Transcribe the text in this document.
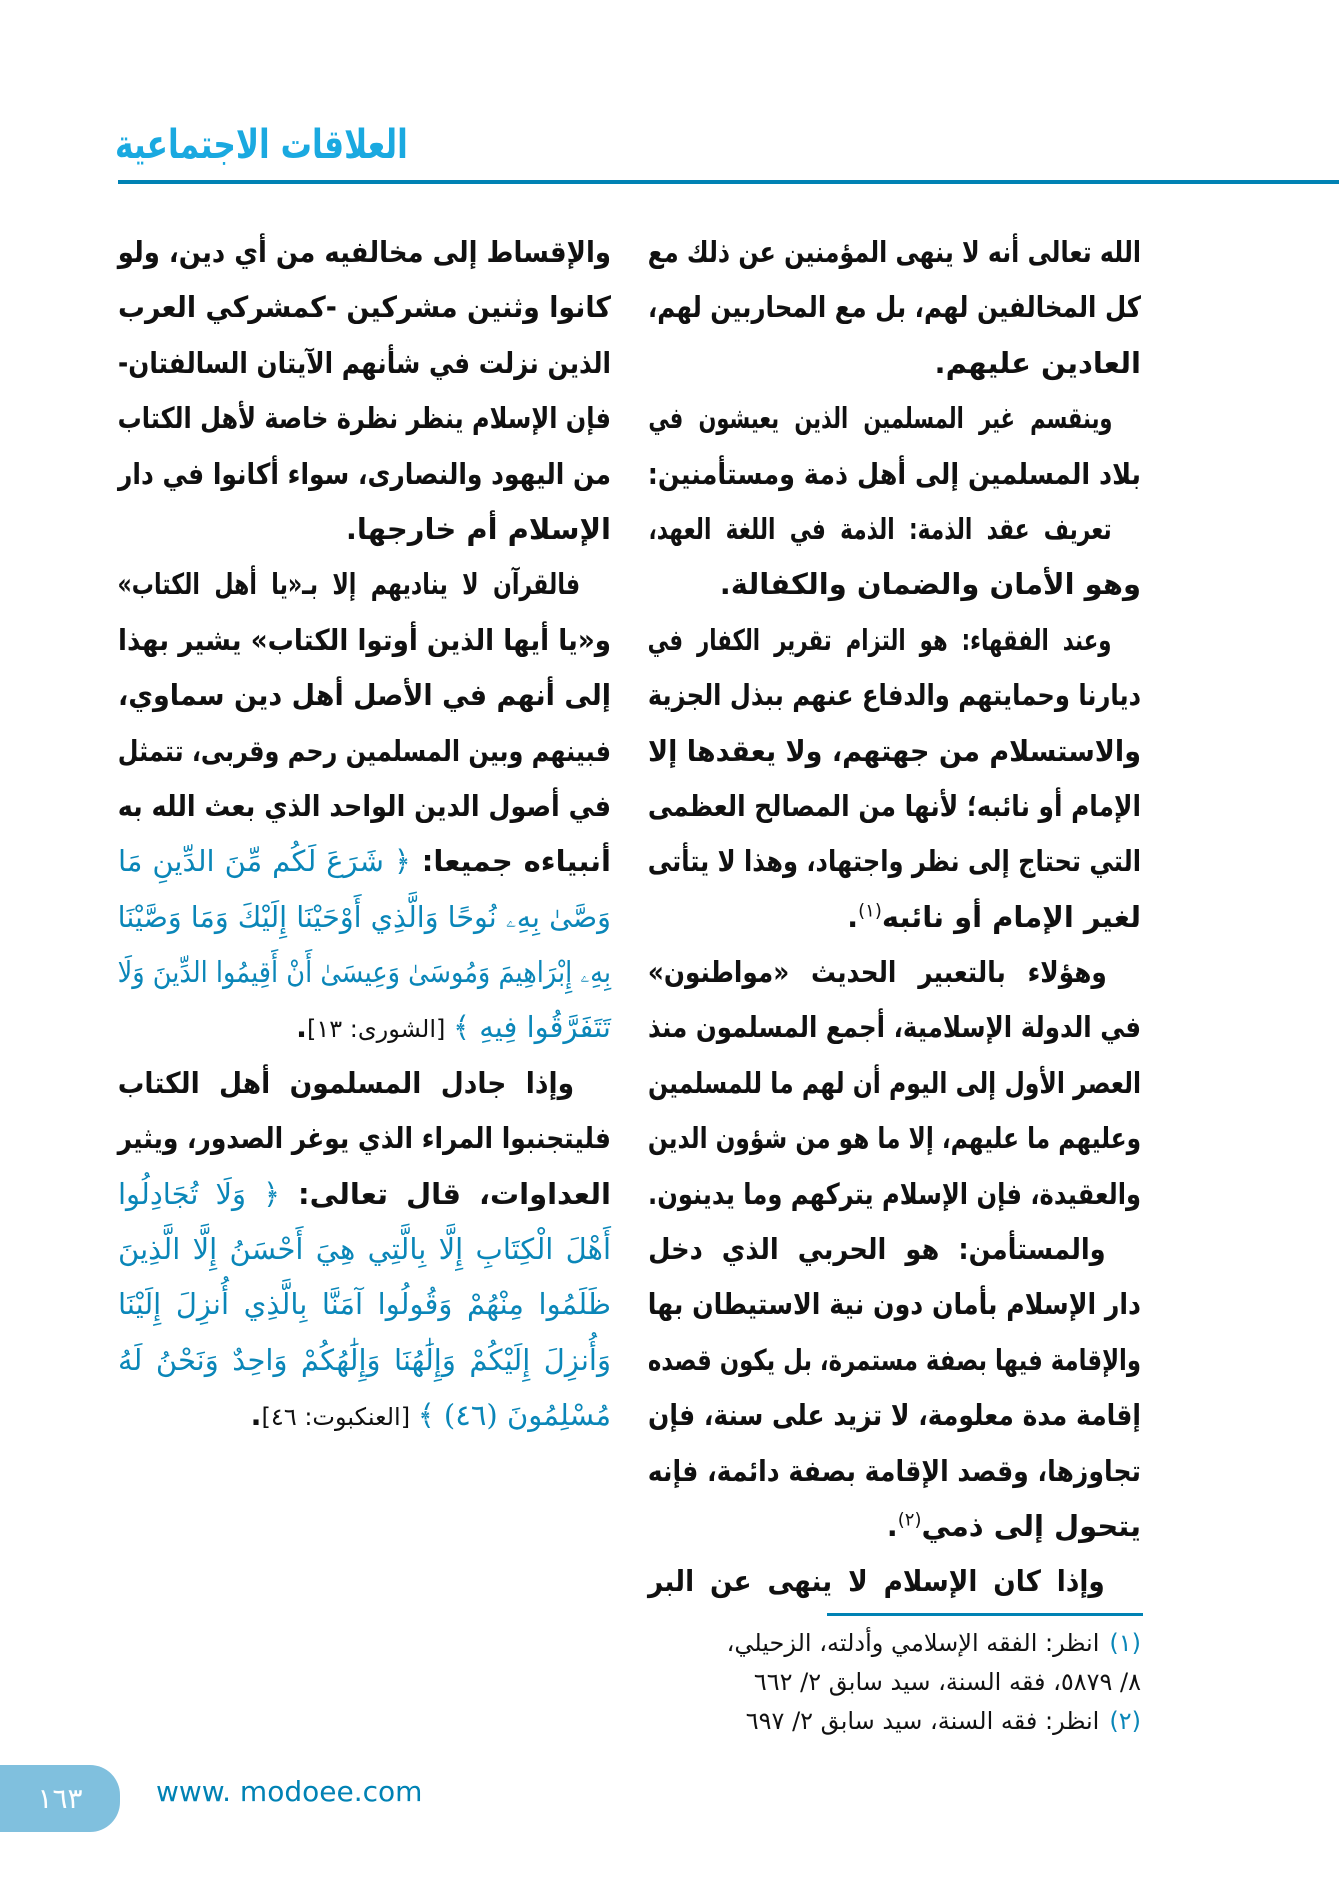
العلاقات الاجتماعية
الله تعالى أنه لا ينهى المؤمنين عن ذلك مع
كل المخالفين لهم، بل مع المحاربين لهم،
العادين عليهم.
وينقسم غير المسلمين الذين يعيشون في
بلاد المسلمين إلى أهل ذمة ومستأمنين:
تعريف عقد الذمة: الذمة في اللغة العهد،
وهو الأمان والضمان والكفالة.
وعند الفقهاء: هو التزام تقرير الكفار في
ديارنا وحمايتهم والدفاع عنهم ببذل الجزية
والاستسلام من جهتهم، ولا يعقدها إلا
الإمام أو نائبه؛ لأنها من المصالح العظمى
التي تحتاج إلى نظر واجتهاد، وهذا لا يتأتى
لغير الإمام أو نائبه$^{(١)}$.
وهؤلاء بالتعبير الحديث «مواطنون»
في الدولة الإسلامية، أجمع المسلمون منذ
العصر الأول إلى اليوم أن لهم ما للمسلمين
وعليهم ما عليهم، إلا ما هو من شؤون الدين
والعقيدة، فإن الإسلام يتركهم وما يدينون.
والمستأمن: هو الحربي الذي دخل
دار الإسلام بأمان دون نية الاستيطان بها
والإقامة فيها بصفة مستمرة، بل يكون قصده
إقامة مدة معلومة، لا تزيد على سنة، فإن
تجاوزها، وقصد الإقامة بصفة دائمة، فإنه
يتحول إلى ذمي$^{(٢)}$.
وإذا كان الإسلام لا ينهى عن البر
والإقساط إلى مخالفيه من أي دين، ولو
كانوا وثنين مشركين -كمشركي العرب
الذين نزلت في شأنهم الآيتان السالفتان-
فإن الإسلام ينظر نظرة خاصة لأهل الكتاب
من اليهود والنصارى، سواء أكانوا في دار
الإسلام أم خارجها.
فالقرآن لا يناديهم إلا بـ«يا أهل الكتاب»
و«يا أيها الذين أوتوا الكتاب» يشير بهذا
إلى أنهم في الأصل أهل دين سماوي،
فبينهم وبين المسلمين رحم وقربى، تتمثل
في أصول الدين الواحد الذي بعث الله به
أنبياءه جميعا: ﴿ شَرَعَ لَكُم مِّنَ الدِّينِ مَا
وَصَّىٰ بِهِۦ نُوحًا وَالَّذِي أَوْحَيْنَا إِلَيْكَ وَمَا وَصَّيْنَا
بِهِۦ إِبْرَاهِيمَ وَمُوسَىٰ وَعِيسَىٰ أَنْ أَقِيمُوا الدِّينَ وَلَا
تَتَفَرَّقُوا فِيهِ ﴾ [الشورى: ١٣].
وإذا جادل المسلمون أهل الكتاب
فليتجنبوا المراء الذي يوغر الصدور، ويثير
العداوات، قال تعالى: ﴿ وَلَا تُجَادِلُوا
أَهْلَ الْكِتَابِ إِلَّا بِالَّتِي هِيَ أَحْسَنُ إِلَّا الَّذِينَ
ظَلَمُوا مِنْهُمْ وَقُولُوا آمَنَّا بِالَّذِي أُنزِلَ إِلَيْنَا
وَأُنزِلَ إِلَيْكُمْ وَإِلَٰهُنَا وَإِلَٰهُكُمْ وَاحِدٌ وَنَحْنُ لَهُ
مُسْلِمُونَ (٤٦) ﴾ [العنكبوت: ٤٦].
(١)انظر: الفقه الإسلامي وأدلته، الزحيلي،
٨/ ٥٨٧٩، فقه السنة، سيد سابق ٢/ ٦٦٢
(٢)انظر: فقه السنة، سيد سابق ٢/ ٦٩٧
١٦٣	www. modoee.com
